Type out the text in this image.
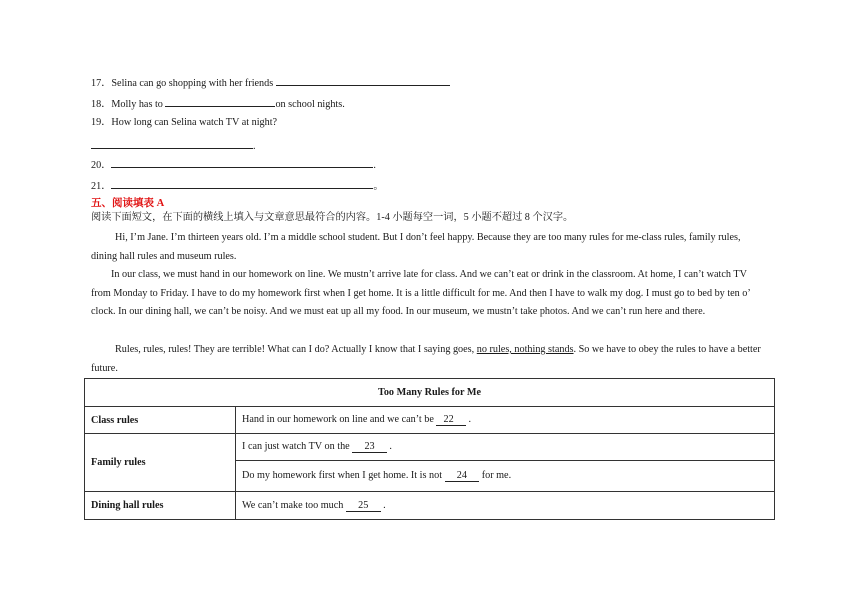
17．Selina can go shopping with her friends
18．Molly has to	on school nights.
19．How long can Selina watch TV at night?
.
20．	.
21．	。
五、阅读填表 A
阅读下面短文，在下面的横线上填入与文章意思最符合的内容。1-4 小题每空一词，5 小题不超过 8 个汉字。
Hi, I’m Jane. I’m thirteen years old. I’m a middle school student. But I don’t feel happy. Because they are too many rules for me-class rules, family rules, dining hall rules and museum rules.
In our class, we must hand in our homework on line. We mustn’t arrive late for class. And we can’t eat or drink in the classroom. At home, I can’t watch TV from Monday to Friday. I have to do my homework first when I get home. It is a little difficult for me. And then I have to walk my dog. I must go to bed by ten o’ clock. In our dining hall, we can’t be noisy. And we must eat up all my food. In our museum, we mustn’t take photos. And we can’t run here and there.
Rules, rules, rules! They are terrible! What can I do? Actually I know that I saying goes, no rules, nothing stands. So we have to obey the rules to have a better future.
Too Many Rules for Me	
Class rules	Hand in our homework on line and we can’t be  22   .
Family rules	I can just watch TV on the   23   .
	Do my homework first when I get home. It is not   24   for me.
Dining hall rules	We can’t make too much   25   .
